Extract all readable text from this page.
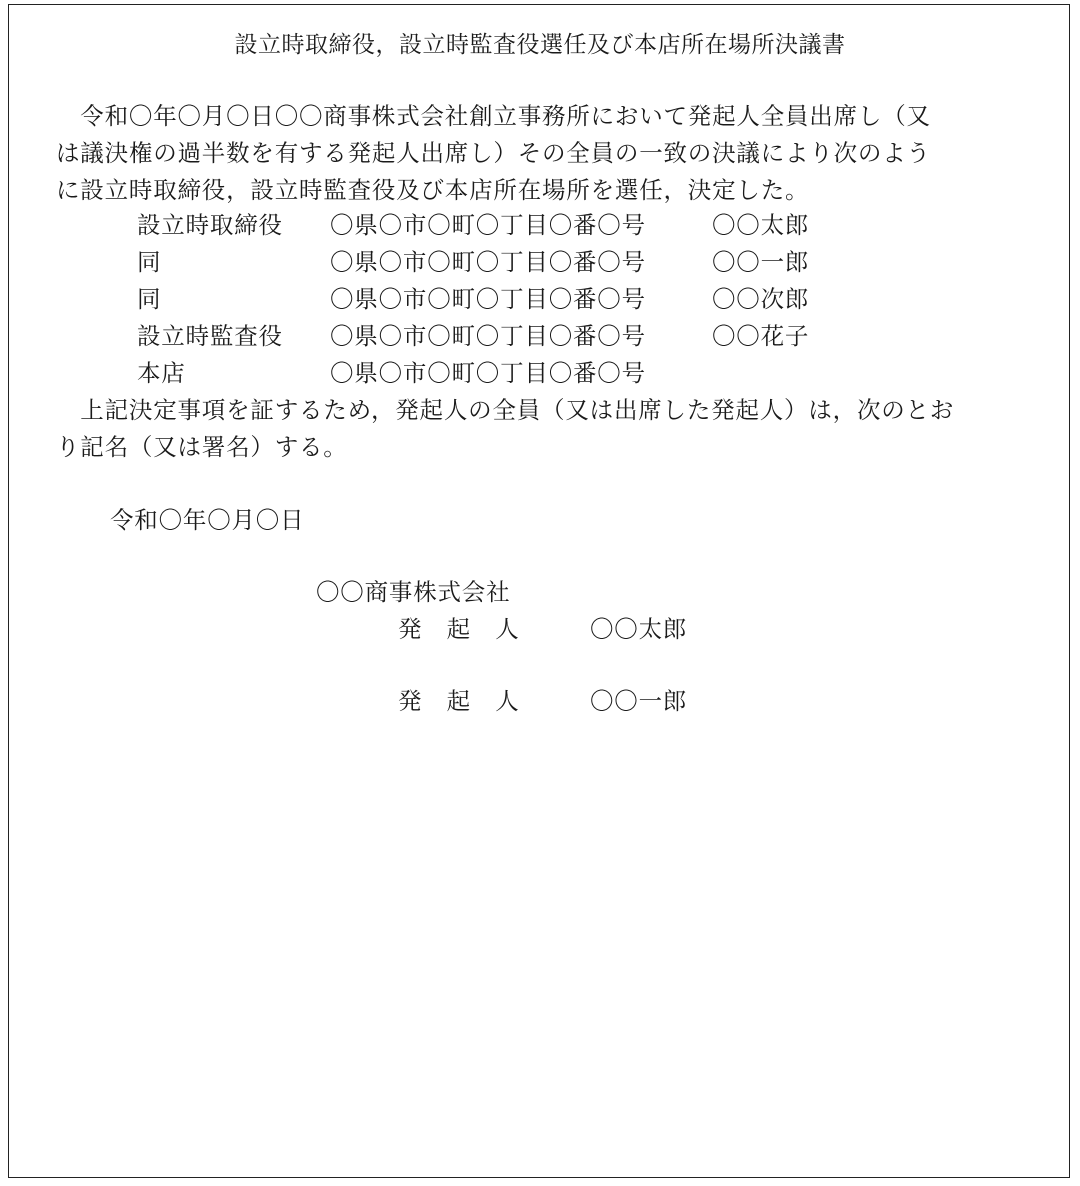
設立時取締役，設立時監査役選任及び本店所在場所決議書
　令和〇年〇月〇日〇〇商事株式会社創立事務所において発起人全員出席し（又
は議決権の過半数を有する発起人出席し）その全員の一致の決議により次のよう
に設立時取締役，設立時監査役及び本店所在場所を選任，決定した。
設立時取締役 〇県〇市〇町〇丁目〇番〇号	〇〇太郎
同	〇県〇市〇町〇丁目〇番〇号	〇〇一郎
同	〇県〇市〇町〇丁目〇番〇号	〇〇次郎
設立時監査役 〇県〇市〇町〇丁目〇番〇号	〇〇花子
本店	〇県〇市〇町〇丁目〇番〇号
　上記決定事項を証するため，発起人の全員（又は出席した発起人）は，次のとお
り記名（又は署名）する。
令和〇年〇月〇日
〇〇商事株式会社
発　起　人	〇〇太郎
発　起　人	〇〇一郎
